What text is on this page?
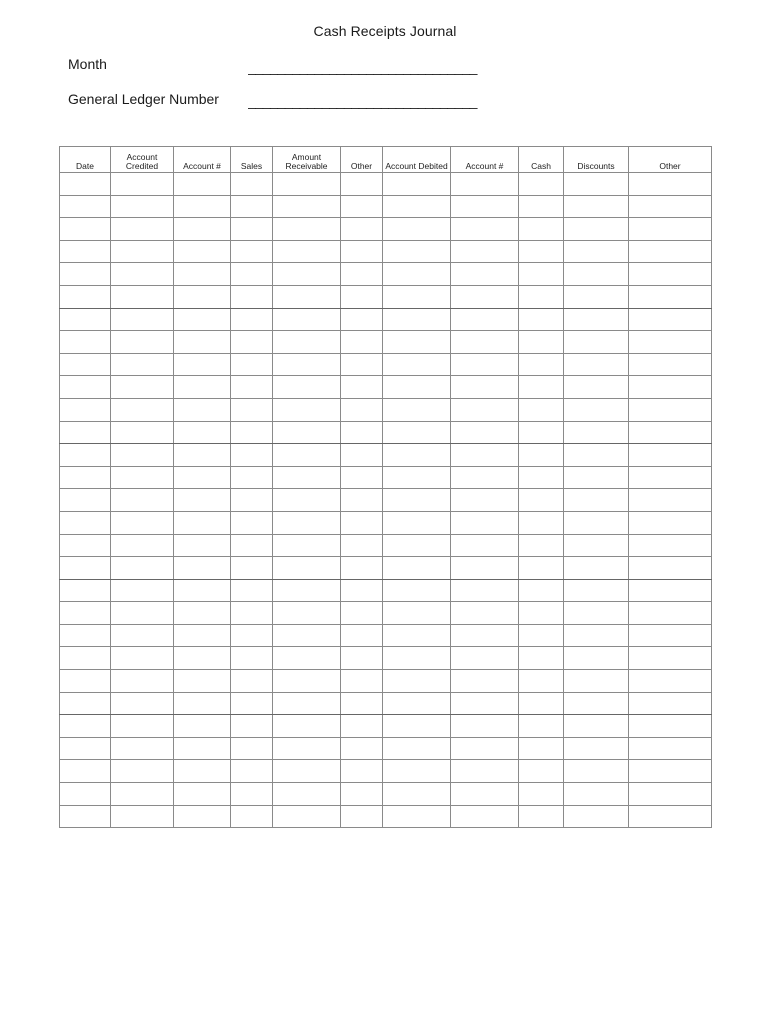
Cash Receipts Journal
Month	_______________________________
General Ledger Number _______________________________
Date	Account Credited	Account #	Sales	Amount Receivable	Other	Account Debited	Account #	Cash	Discounts	Other
